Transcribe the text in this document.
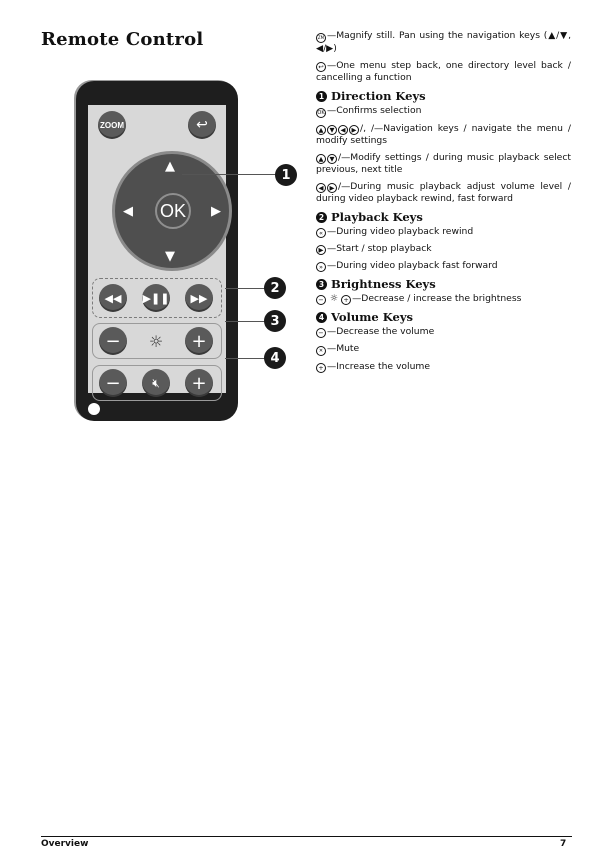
Remote Control
ZOOM	↩
▲
▼
◀	▶
OK
◀◀	▶❚❚	▶▶
−	☼	+
−	🔇︎	+
1
2
3
4

ZM —Magnify still. Pan using the navigation keys (▲/▼, ◀/▶)

↩ —One menu step back, one directory level back / cancelling a function

1 Direction Keys

OK —Confirms selection

▲ ▼ ◀ ▶ /, /—Navigation keys / navigate the menu / modify settings

▲ ▼ /—Modify settings / during music playback select previous, next title

◀ ▶ /—During music playback adjust volume level / during video playback rewind, fast forward

2 Playback Keys

« —During video playback rewind

▶ —Start / stop playback

» —During video playback fast forward

3 Brightness Keys

− ☼ + —Decrease / increase the brightness

4 Volume Keys

− —Decrease the volume

✕ —Mute

+ —Increase the volume

Overview	7
